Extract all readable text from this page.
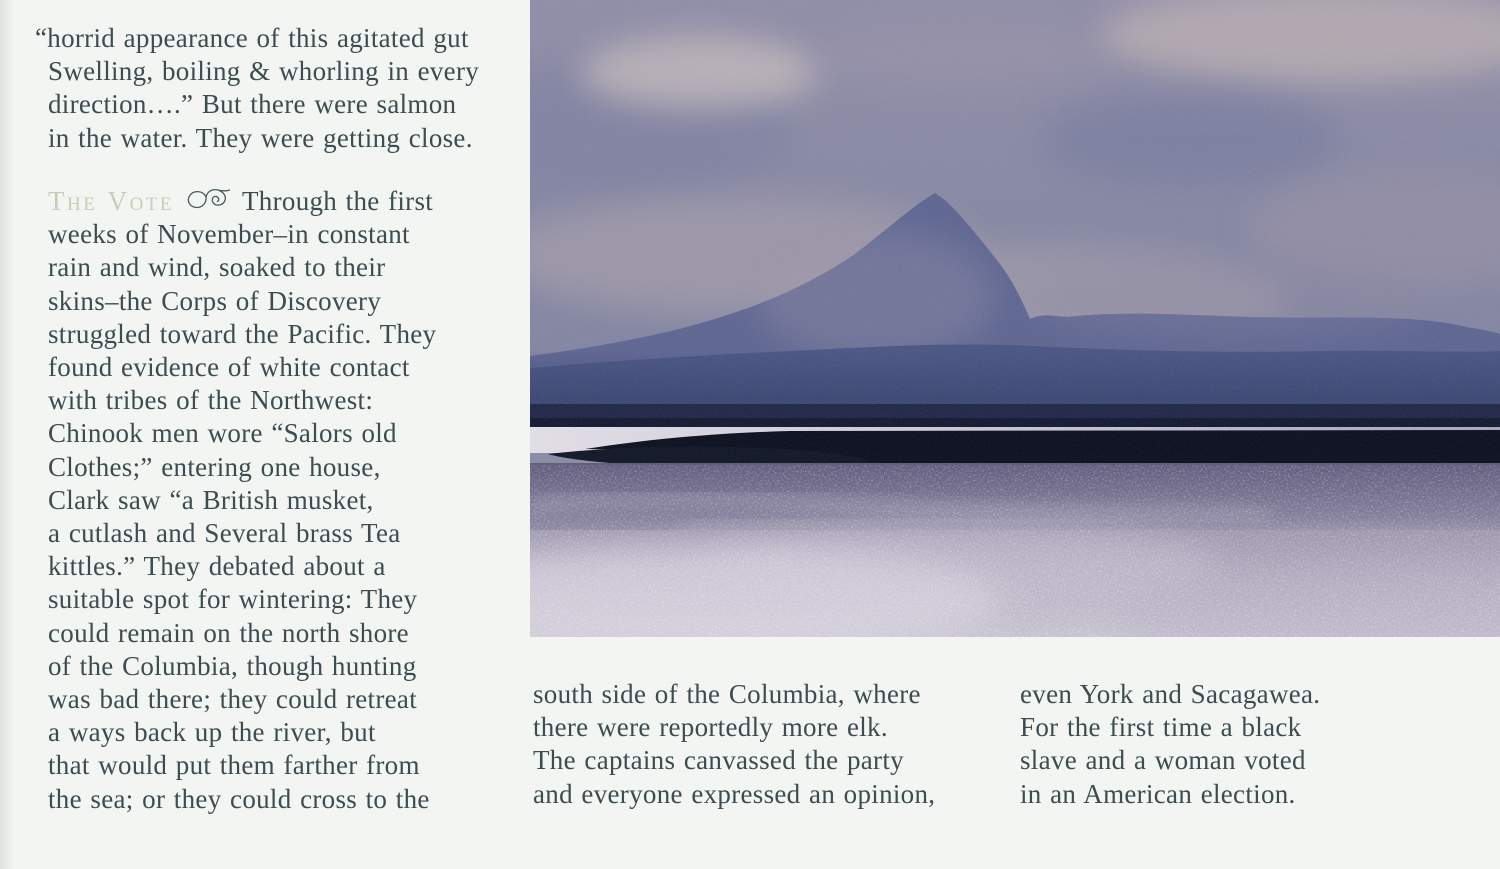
“horrid appearance of this agitated gut
Swelling, boiling & whorling in every
direction….” But there were salmon
in the water. They were getting close.
The Vote	Through the first
weeks of November–in constant
rain and wind, soaked to their
skins–the Corps of Discovery
struggled toward the Pacific. They
found evidence of white contact
with tribes of the Northwest:
Chinook men wore “Salors old
Clothes;” entering one house,
Clark saw “a British musket,
a cutlash and Several brass Tea
kittles.” They debated about a
suitable spot for wintering: They
could remain on the north shore
of the Columbia, though hunting
was bad there; they could retreat
a ways back up the river, but
that would put them farther from
the sea; or they could cross to the
south side of the Columbia, where
there were reportedly more elk.
The captains canvassed the party
and everyone expressed an opinion,
even York and Sacagawea.
For the first time a black
slave and a woman voted
in an American election.
